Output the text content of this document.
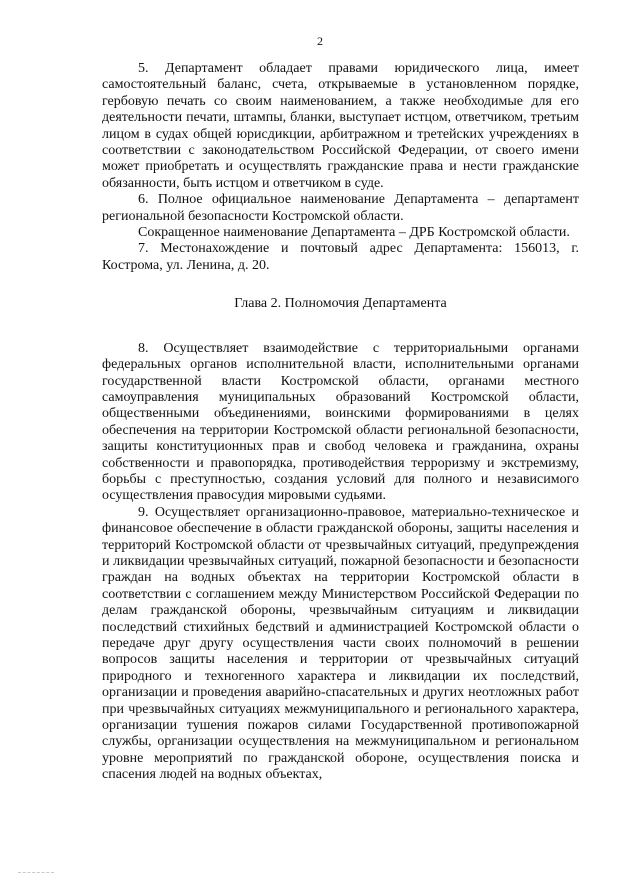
2

5. Департамент обладает правами юридического лица, имеет самостоятельный баланс, счета, открываемые в установленном порядке, гербовую печать со своим наименованием, а также необходимые для его деятельности печати, штампы, бланки, выступает истцом, ответчиком, третьим лицом в судах общей юрисдикции, арбитражном и третейских учреждениях в соответствии с законодательством Российской Федерации, от своего имени может приобретать и осуществлять гражданские права и нести гражданские обязанности, быть истцом и ответчиком в суде.

6. Полное официальное наименование Департамента – департамент региональной безопасности Костромской области.

Сокращенное наименование Департамента – ДРБ Костромской области.

7. Местонахождение и почтовый адрес Департамента: 156013, г. Кострома, ул. Ленина, д. 20.

Глава 2. Полномочия Департамента

8. Осуществляет взаимодействие с территориальными органами федеральных органов исполнительной власти, исполнительными органами государственной власти Костромской области, органами местного самоуправления муниципальных образований Костромской области, общественными объединениями, воинскими формированиями в целях обеспечения на территории Костромской области региональной безопасности, защиты конституционных прав и свобод человека и гражданина, охраны собственности и правопорядка, противодействия терроризму и экстремизму, борьбы с преступностью, создания условий для полного и независимого осуществления правосудия мировыми судьями.

9. Осуществляет организационно-правовое, материально-техническое и финансовое обеспечение в области гражданской обороны, защиты населения и территорий Костромской области от чрезвычайных ситуаций, предупреждения и ликвидации чрезвычайных ситуаций, пожарной безопасности и безопасности граждан на водных объектах на территории Костромской области в соответствии с соглашением между Министерством Российской Федерации по делам гражданской обороны, чрезвычайным ситуациям и ликвидации последствий стихийных бедствий и администрацией Костромской области о передаче друг другу осуществления части своих полномочий в решении вопросов защиты населения и территории от чрезвычайных ситуаций природного и техногенного характера и ликвидации их последствий, организации и проведения аварийно-спасательных и других неотложных работ при чрезвычайных ситуациях межмуниципального и регионального характера, организации тушения пожаров силами Государственной противопожарной службы, организации осуществления на межмуниципальном и региональном уровне мероприятий по гражданской обороне, осуществления поиска и спасения людей на водных объектах,
